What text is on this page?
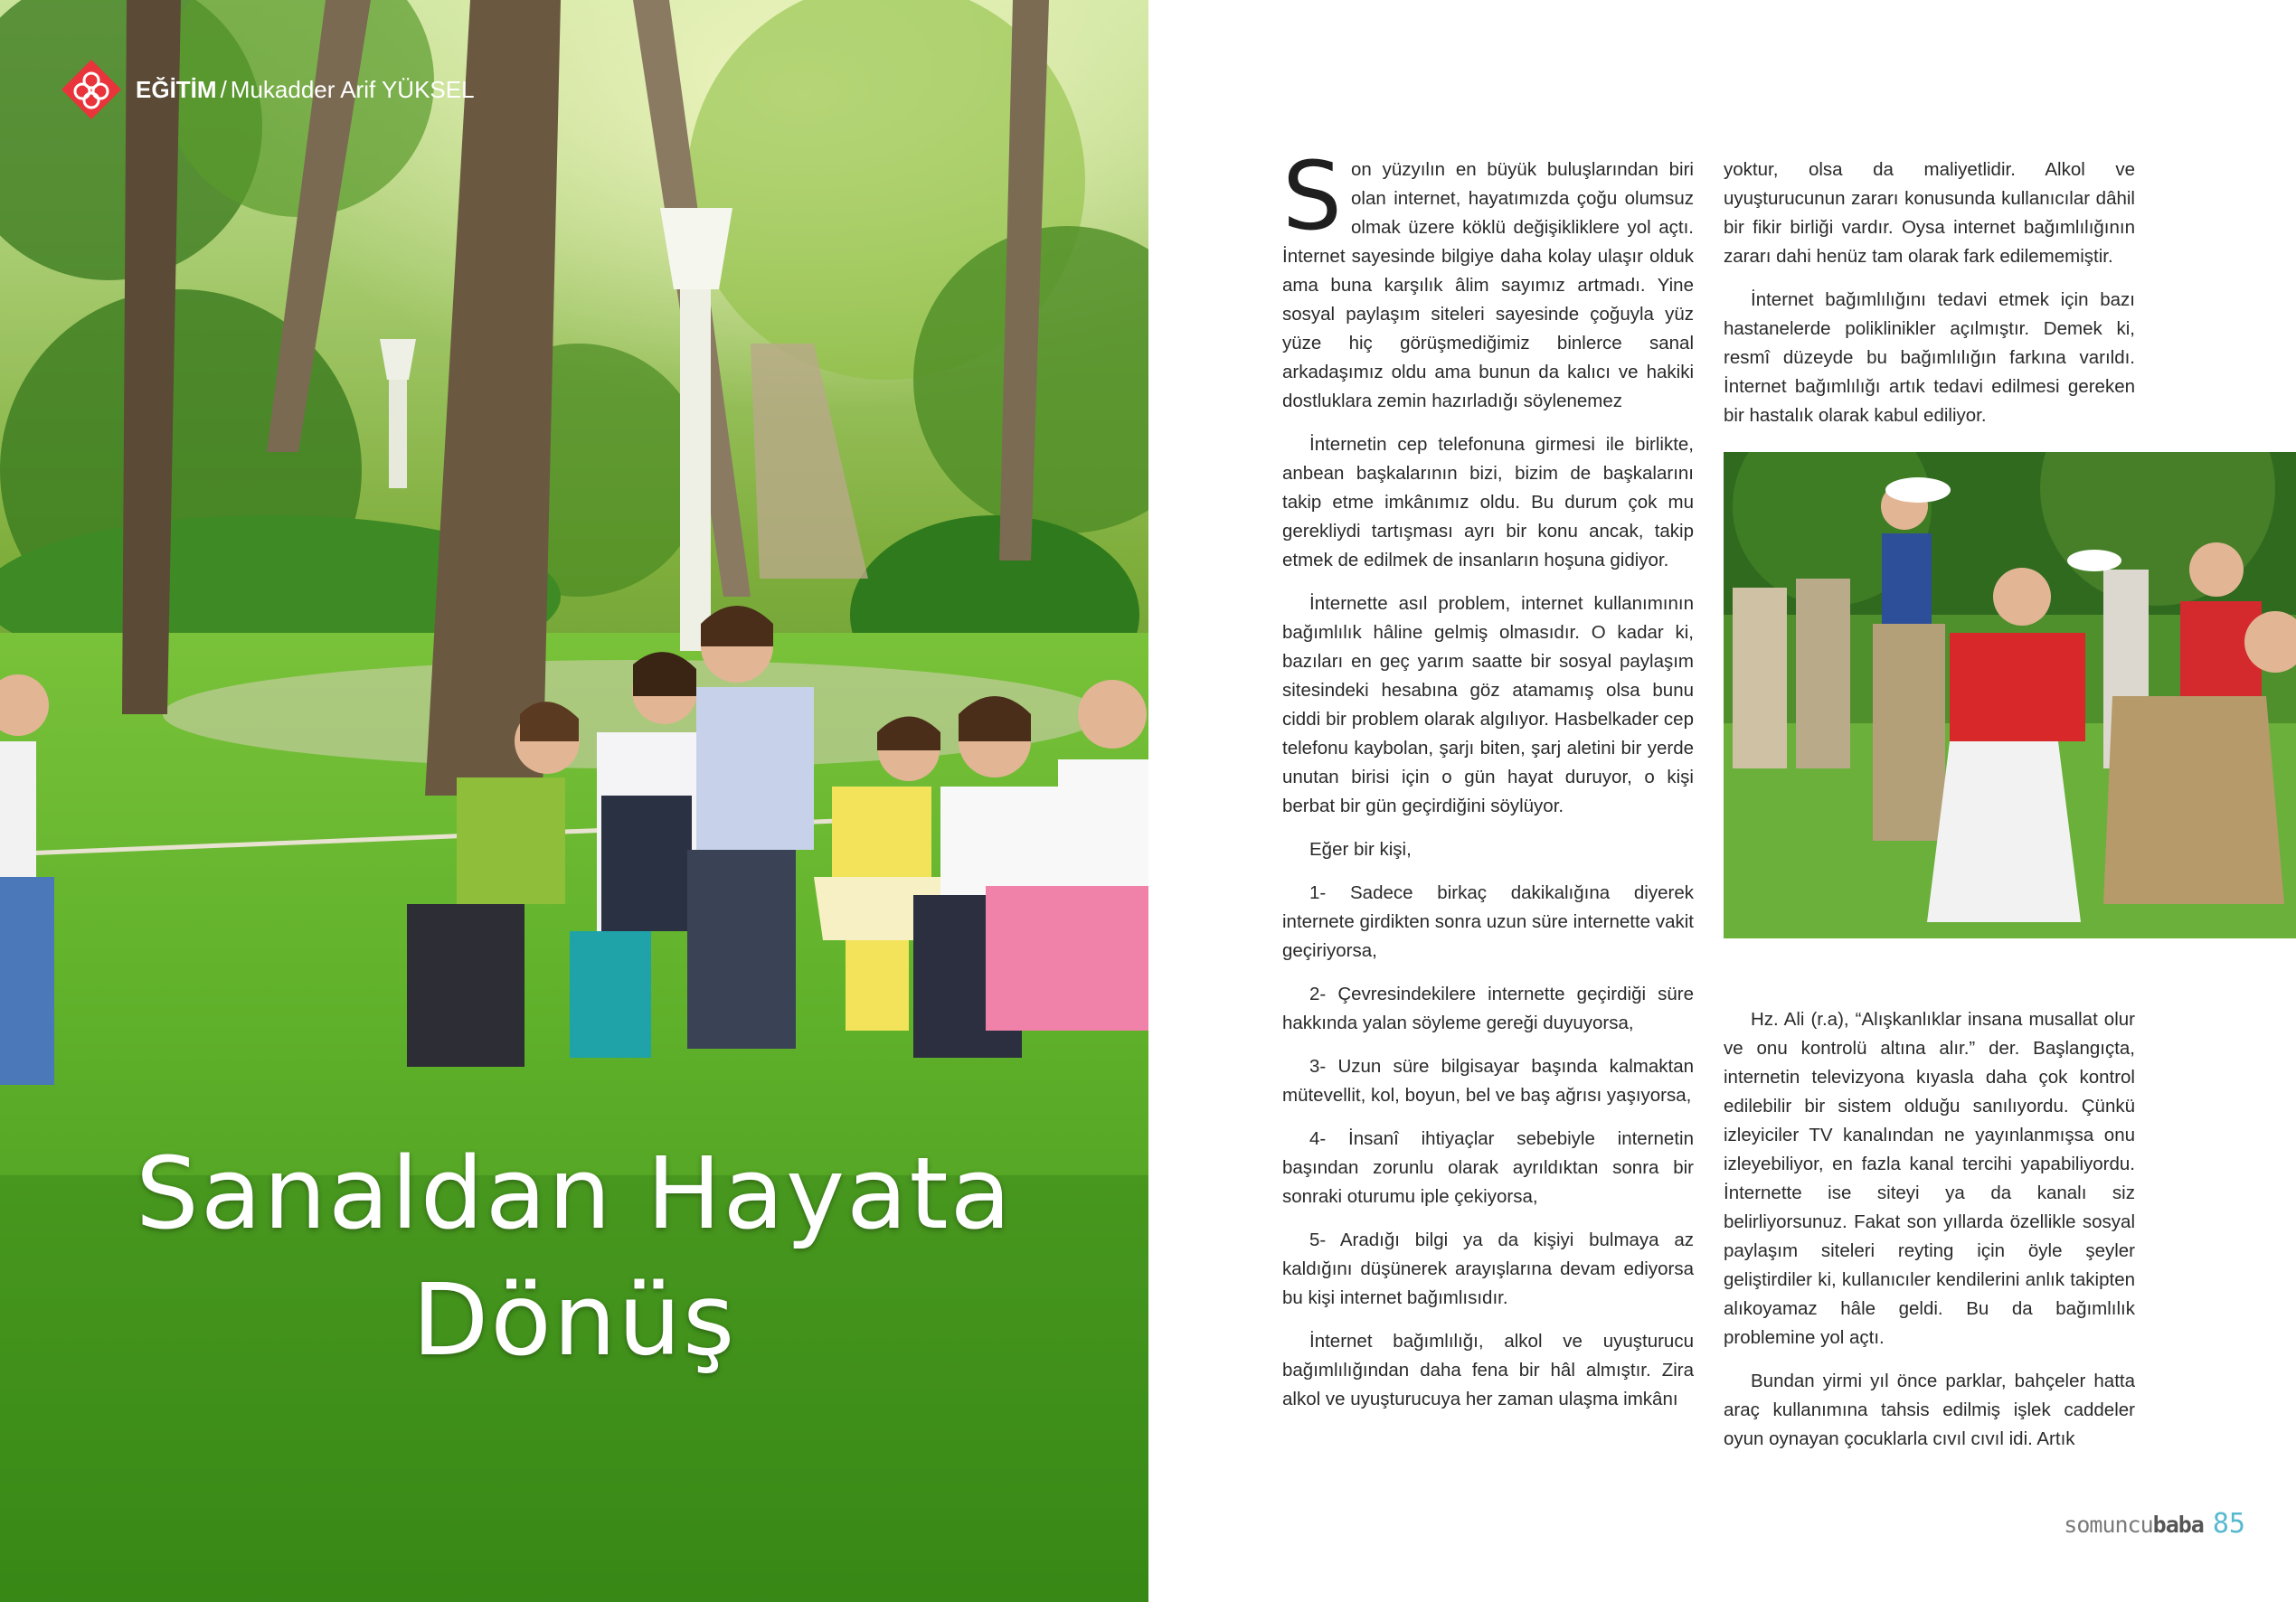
EĞİTİM / Mukadder Arif YÜKSEL
Sanaldan Hayata
Dönüş

Son yüzyılın en büyük buluşlarından biri olan internet, hayatımızda çoğu olumsuz olmak üzere köklü değişikliklere yol açtı. İnternet sayesinde bilgiye daha kolay ulaşır olduk ama buna karşılık âlim sayımız artmadı. Yine sosyal paylaşım siteleri sayesinde çoğuyla yüz yüze hiç görüşmediğimiz binlerce sanal arkadaşımız oldu ama bunun da kalıcı ve hakiki dostluklara zemin hazırladığı söylenemez

İnternetin cep telefonuna girmesi ile birlikte, anbean başkalarının bizi, bizim de başkalarını takip etme imkânımız oldu. Bu durum çok mu gerekliydi tartışması ayrı bir konu ancak, takip etmek de edilmek de insanların hoşuna gidiyor.

İnternette asıl problem, internet kullanımının bağımlılık hâline gelmiş olmasıdır. O kadar ki, bazıları en geç yarım saatte bir sosyal paylaşım sitesindeki hesabına göz atamamış olsa bunu ciddi bir problem olarak algılıyor. Hasbelkader cep telefonu kaybolan, şarjı biten, şarj aletini bir yerde unutan birisi için o gün hayat duruyor, o kişi berbat bir gün geçirdiğini söylüyor.

Eğer bir kişi,

1- Sadece birkaç dakikalığına diyerek internete girdikten sonra uzun süre internette vakit geçiriyorsa,

2- Çevresindekilere internette geçirdiği süre hakkında yalan söyleme gereği duyuyorsa,

3- Uzun süre bilgisayar başında kalmaktan mütevellit, kol, boyun, bel ve baş ağrısı yaşıyorsa,

4- İnsanî ihtiyaçlar sebebiyle internetin başından zorunlu olarak ayrıldıktan sonra bir sonraki oturumu iple çekiyorsa,

5- Aradığı bilgi ya da kişiyi bulmaya az kaldığını düşünerek arayışlarına devam ediyorsa bu kişi internet bağımlısıdır.

İnternet bağımlılığı, alkol ve uyuşturucu bağımlılığından daha fena bir hâl almıştır. Zira alkol ve uyuşturucuya her zaman ulaşma imkânı

yoktur, olsa da maliyetlidir. Alkol ve uyuşturucunun zararı konusunda kullanıcılar dâhil bir fikir birliği vardır. Oysa internet bağımlılığının zararı dahi henüz tam olarak fark edilememiştir.

İnternet bağımlılığını tedavi etmek için bazı hastanelerde poliklinikler açılmıştır. Demek ki, resmî düzeyde bu bağımlılığın farkına varıldı. İnternet bağımlılığı artık tedavi edilmesi gereken bir hastalık olarak kabul ediliyor.

Hz. Ali (r.a), “Alışkanlıklar insana musallat olur ve onu kontrolü altına alır.” der. Başlangıçta, internetin televizyona kıyasla daha çok kontrol edilebilir bir sistem olduğu sanılıyordu. Çünkü izleyiciler TV kanalından ne yayınlanmışsa onu izleyebiliyor, en fazla kanal tercihi yapabiliyordu. İnternette ise siteyi ya da kanalı siz belirliyorsunuz. Fakat son yıllarda özellikle sosyal paylaşım siteleri reyting için öyle şeyler geliştirdiler ki, kullanıcıler kendilerini anlık takipten alıkoyamaz hâle geldi. Bu da bağımlılık problemine yol açtı.

Bundan yirmi yıl önce parklar, bahçeler hatta araç kullanımına tahsis edilmiş işlek caddeler oyun oynayan çocuklarla cıvıl cıvıl idi. Artık

somuncu baba 85
